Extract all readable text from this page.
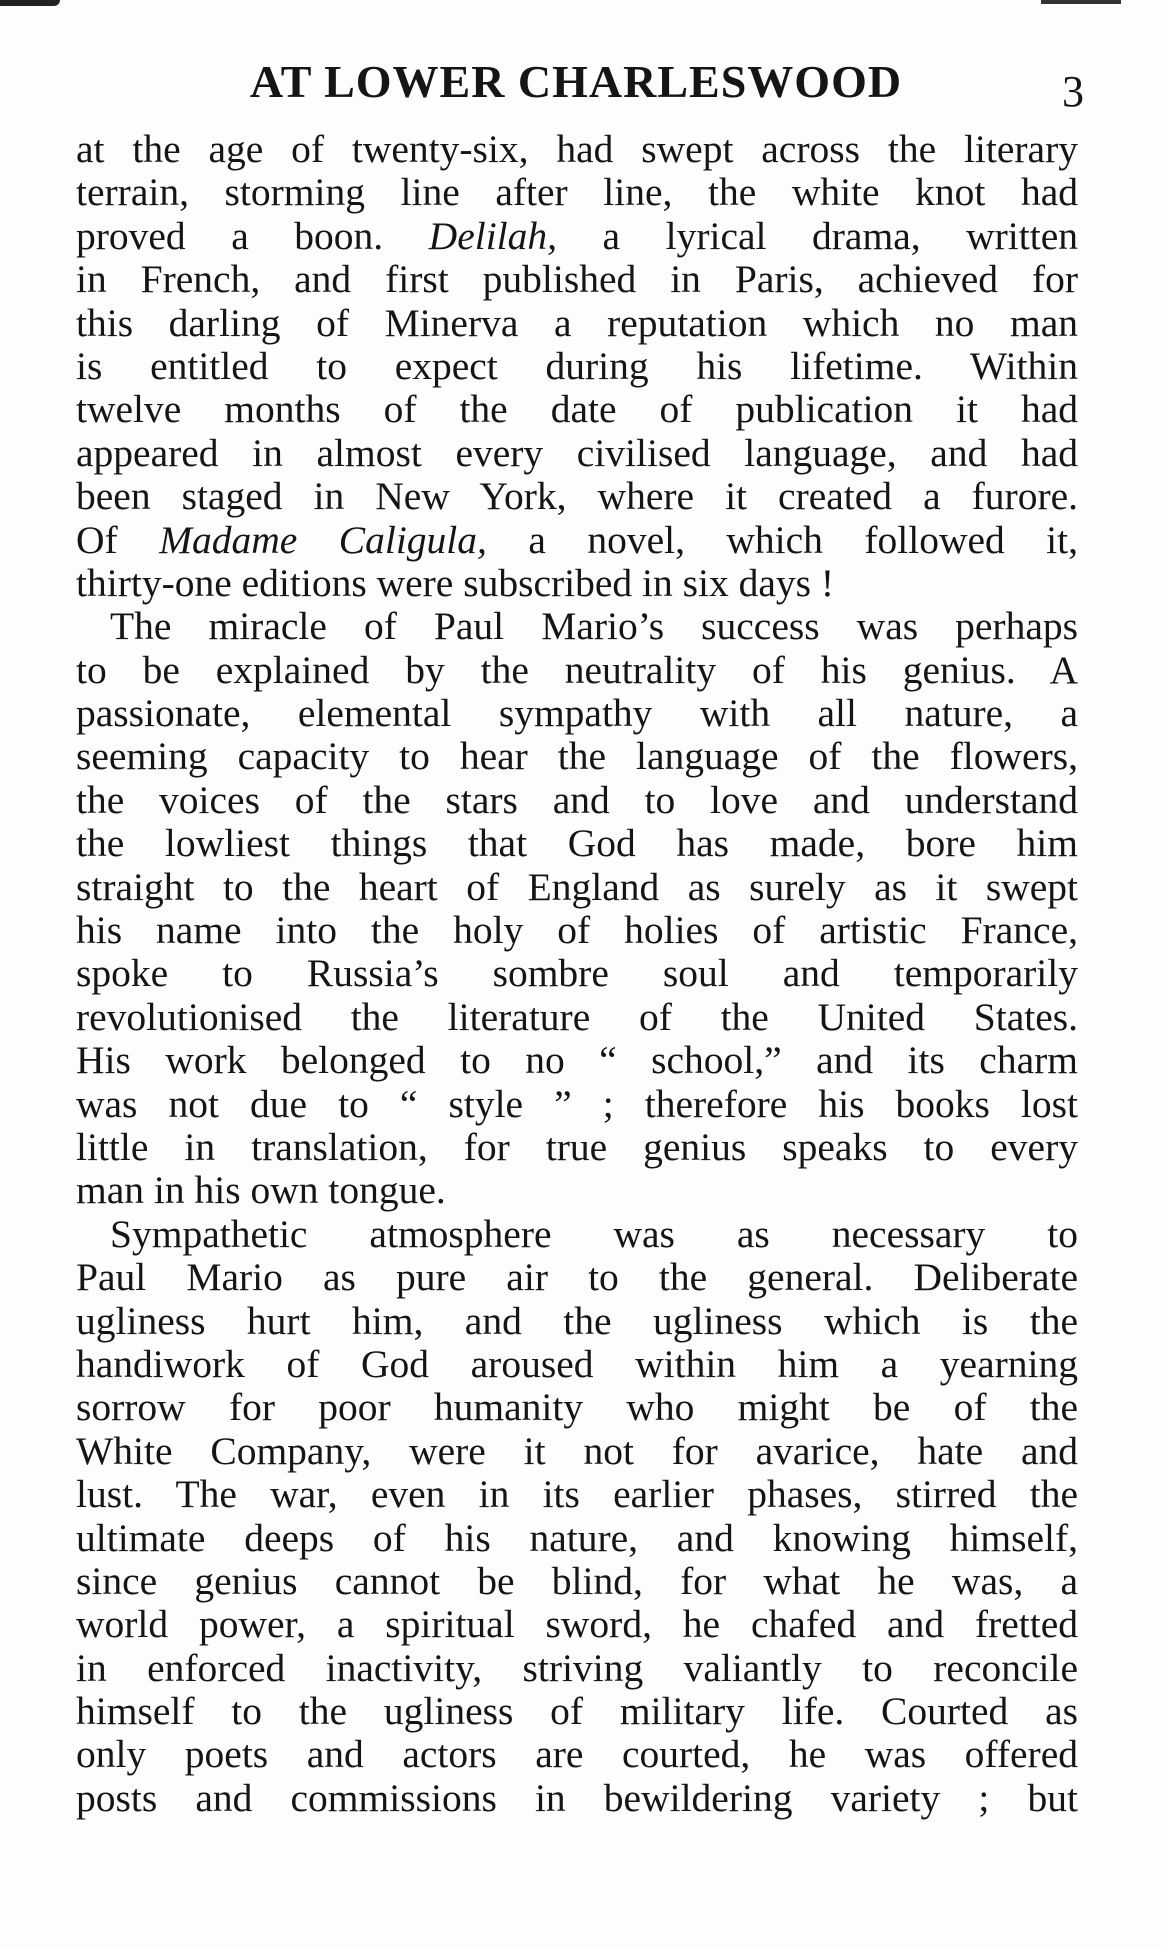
AT LOWER CHARLESWOOD	3
at the age of twenty-six, had swept across the literary
terrain, storming line after line, the white knot had
proved a boon. Delilah, a lyrical drama, written
in French, and first published in Paris, achieved for
this darling of Minerva a reputation which no man
is entitled to expect during his lifetime. Within
twelve months of the date of publication it had
appeared in almost every civilised language, and had
been staged in New York, where it created a furore.
Of Madame Caligula, a novel, which followed it,
thirty-one editions were subscribed in six days !
The miracle of Paul Mario’s success was perhaps
to be explained by the neutrality of his genius. A
passionate, elemental sympathy with all nature, a
seeming capacity to hear the language of the flowers,
the voices of the stars and to love and understand
the lowliest things that God has made, bore him
straight to the heart of England as surely as it swept
his name into the holy of holies of artistic France,
spoke to Russia’s sombre soul and temporarily
revolutionised the literature of the United States.
His work belonged to no “ school,” and its charm
was not due to “ style ” ; therefore his books lost
little in translation, for true genius speaks to every
man in his own tongue.
Sympathetic atmosphere was as necessary to
Paul Mario as pure air to the general. Deliberate
ugliness hurt him, and the ugliness which is the
handiwork of God aroused within him a yearning
sorrow for poor humanity who might be of the
White Company, were it not for avarice, hate and
lust. The war, even in its earlier phases, stirred the
ultimate deeps of his nature, and knowing himself,
since genius cannot be blind, for what he was, a
world power, a spiritual sword, he chafed and fretted
in enforced inactivity, striving valiantly to reconcile
himself to the ugliness of military life. Courted as
only poets and actors are courted, he was offered
posts and commissions in bewildering variety ; but
